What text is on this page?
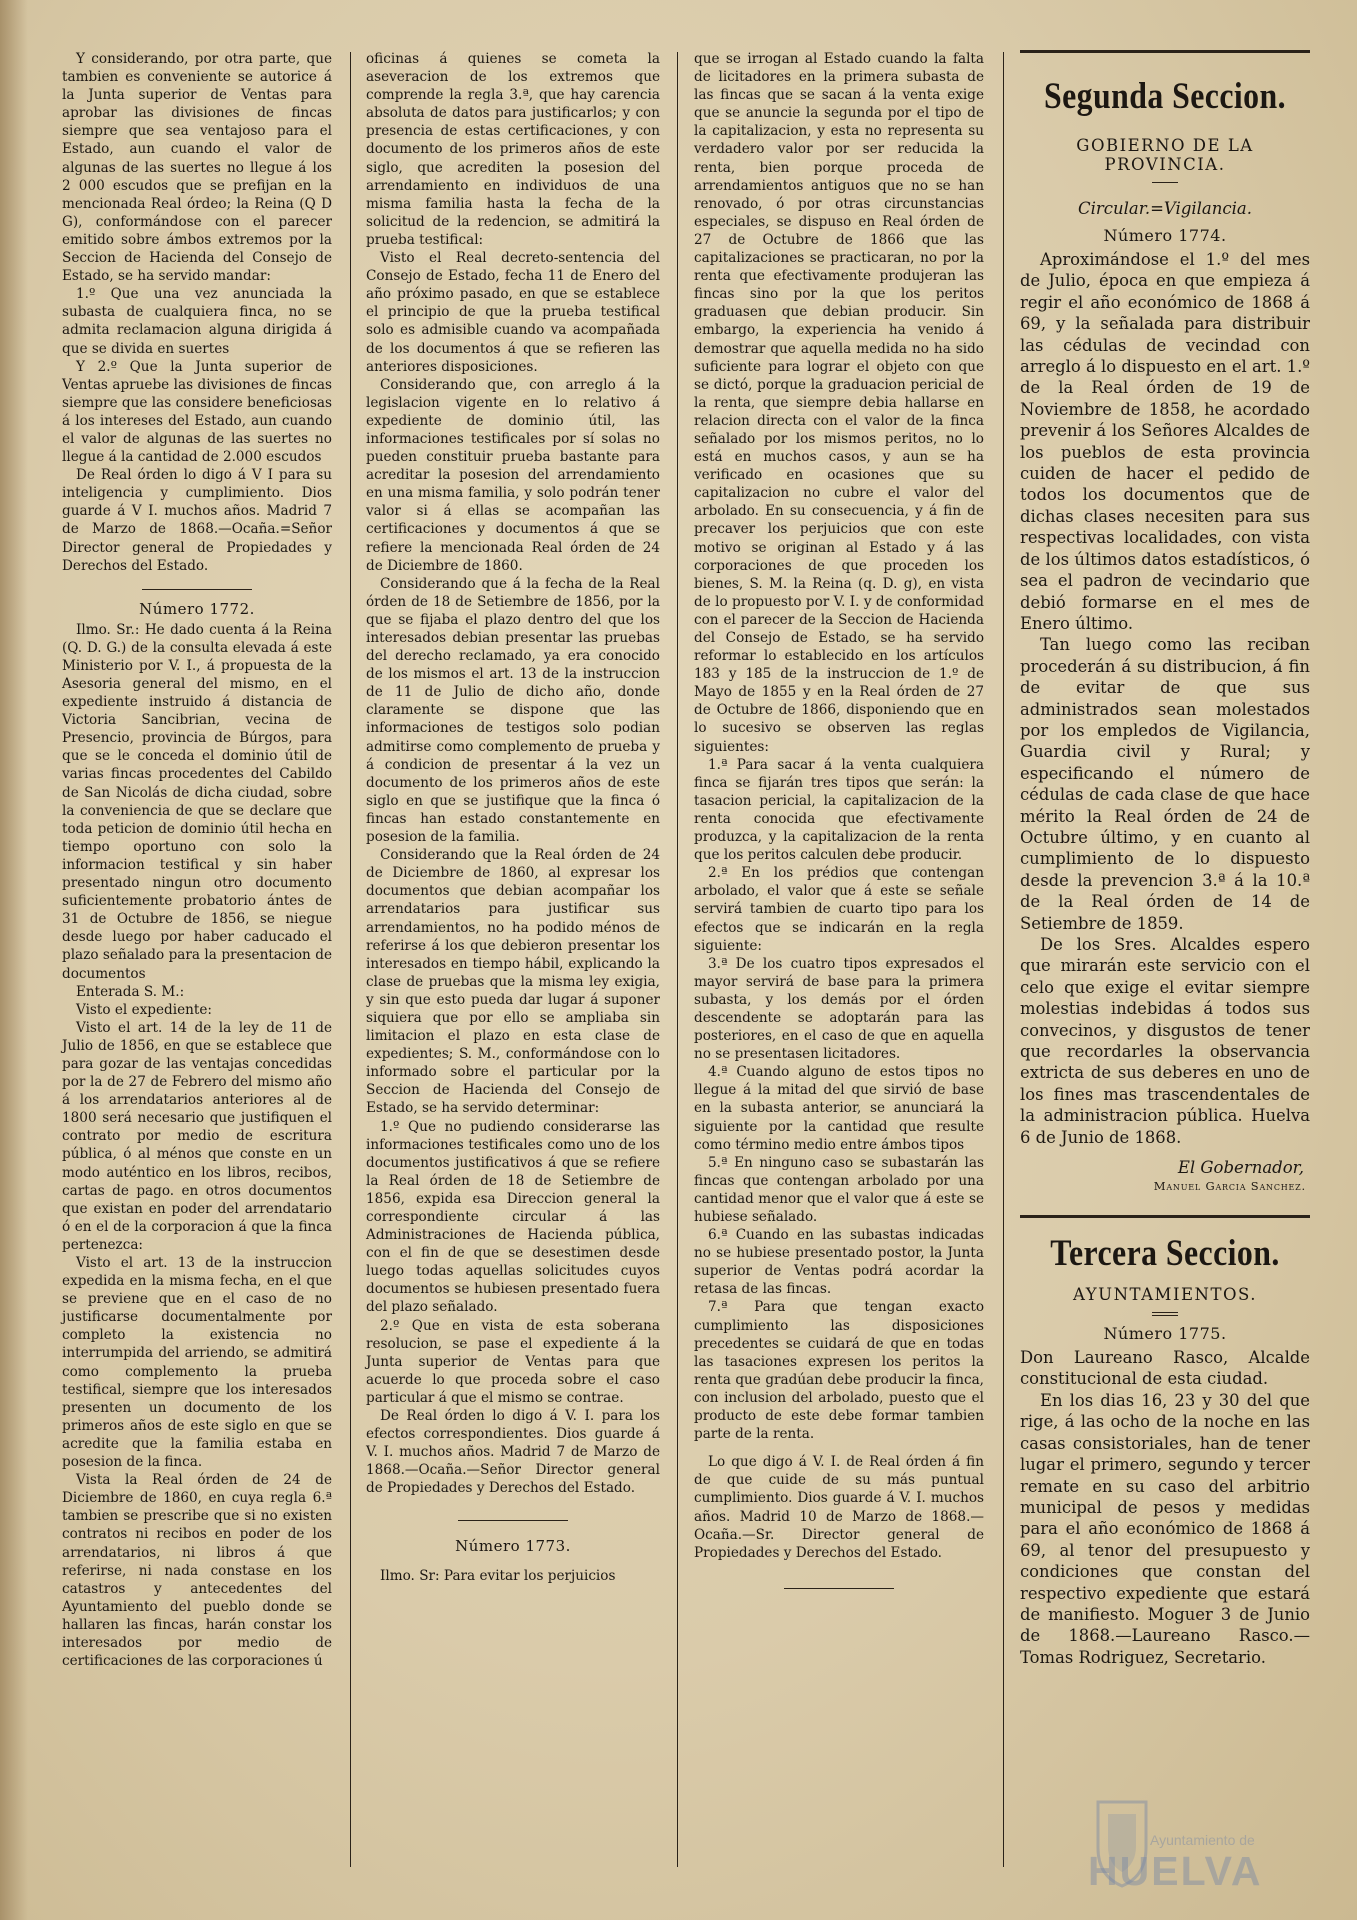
Y considerando, por otra parte, que tambien es conveniente se autorice á la Junta superior de Ventas para aprobar las divisiones de fincas siempre que sea ventajoso para el Estado, aun cuando el valor de algunas de las suertes no llegue á los 2 000 escudos que se prefijan en la mencionada Real órdeo; la Reina (Q D G), conformándose con el parecer emitido sobre ámbos extremos por la Seccion de Hacienda del Consejo de Estado, se ha servido mandar:

1.º Que una vez anunciada la subasta de cualquiera finca, no se admita reclamacion alguna dirigida á que se divida en suertes

Y 2.º Que la Junta superior de Ventas apruebe las divisiones de fincas siempre que las considere beneficiosas á los intereses del Estado, aun cuando el valor de algunas de las suertes no llegue á la cantidad de 2.000 escudos

De Real órden lo digo á V I para su inteligencia y cumplimiento. Dios guarde á V I. muchos años. Madrid 7 de Marzo de 1868.—Ocaña.=Señor Director general de Propiedades y Derechos del Estado.

Número 1772.

Ilmo. Sr.: He dado cuenta á la Reina (Q. D. G.) de la consulta elevada á este Ministerio por V. I., á propuesta de la Asesoria general del mismo, en el expediente instruido á distancia de Victoria Sancibrian, vecina de Presencio, provincia de Búrgos, para que se le conceda el dominio útil de varias fincas procedentes del Cabildo de San Nicolás de dicha ciudad, sobre la conveniencia de que se declare que toda peticion de dominio útil hecha en tiempo oportuno con solo la informacion testifical y sin haber presentado ningun otro documento suficientemente probatorio ántes de 31 de Octubre de 1856, se niegue desde luego por haber caducado el plazo señalado para la presentacion de documentos

Enterada S. M.:

Visto el expediente:

Visto el art. 14 de la ley de 11 de Julio de 1856, en que se establece que para gozar de las ventajas concedidas por la de 27 de Febrero del mismo año á los arrendatarios anteriores al de 1800 será necesario que justifiquen el contrato por medio de escritura pública, ó al ménos que conste en un modo auténtico en los libros, recibos, cartas de pago. en otros documentos que existan en poder del arrendatario ó en el de la corporacion á que la finca pertenezca:

Visto el art. 13 de la instruccion expedida en la misma fecha, en el que se previene que en el caso de no justificarse documentalmente por completo la existencia no interrumpida del arriendo, se admitirá como complemento la prueba testifical, siempre que los interesados presenten un documento de los primeros años de este siglo en que se acredite que la familia estaba en posesion de la finca.

Vista la Real órden de 24 de Diciembre de 1860, en cuya regla 6.ª tambien se prescribe que si no existen contratos ni recibos en poder de los arrendatarios, ni libros á que referirse, ni nada constase en los catastros y antecedentes del Ayuntamiento del pueblo donde se hallaren las fincas, harán constar los interesados por medio de certificaciones de las corporaciones ú

oficinas á quienes se cometa la aseveracion de los extremos que comprende la regla 3.ª, que hay carencia absoluta de datos para justificarlos; y con presencia de estas certificaciones, y con documento de los primeros años de este siglo, que acrediten la posesion del arrendamiento en individuos de una misma familia hasta la fecha de la solicitud de la redencion, se admitirá la prueba testifical:

Visto el Real decreto-sentencia del Consejo de Estado, fecha 11 de Enero del año próximo pasado, en que se establece el principio de que la prueba testifical solo es admisible cuando va acompañada de los documentos á que se refieren las anteriores disposiciones.

Considerando que, con arreglo á la legislacion vigente en lo relativo á expediente de dominio útil, las informaciones testificales por sí solas no pueden constituir prueba bastante para acreditar la posesion del arrendamiento en una misma familia, y solo podrán tener valor si á ellas se acompañan las certificaciones y documentos á que se refiere la mencionada Real órden de 24 de Diciembre de 1860.

Considerando que á la fecha de la Real órden de 18 de Setiembre de 1856, por la que se fijaba el plazo dentro del que los interesados debian presentar las pruebas del derecho reclamado, ya era conocido de los mismos el art. 13 de la instruccion de 11 de Julio de dicho año, donde claramente se dispone que las informaciones de testigos solo podian admitirse como complemento de prueba y á condicion de presentar á la vez un documento de los primeros años de este siglo en que se justifique que la finca ó fincas han estado constantemente en posesion de la familia.

Considerando que la Real órden de 24 de Diciembre de 1860, al expresar los documentos que debian acompañar los arrendatarios para justificar sus arrendamientos, no ha podido ménos de referirse á los que debieron presentar los interesados en tiempo hábil, explicando la clase de pruebas que la misma ley exigia, y sin que esto pueda dar lugar á suponer siquiera que por ello se ampliaba sin limitacion el plazo en esta clase de expedientes; S. M., conformándose con lo informado sobre el particular por la Seccion de Hacienda del Consejo de Estado, se ha servido determinar:

1.º Que no pudiendo considerarse las informaciones testificales como uno de los documentos justificativos á que se refiere la Real órden de 18 de Setiembre de 1856, expida esa Direccion general la correspondiente circular á las Administraciones de Hacienda pública, con el fin de que se desestimen desde luego todas aquellas solicitudes cuyos documentos se hubiesen presentado fuera del plazo señalado.

2.º Que en vista de esta soberana resolucion, se pase el expediente á la Junta superior de Ventas para que acuerde lo que proceda sobre el caso particular á que el mismo se contrae.

De Real órden lo digo á V. I. para los efectos correspondientes. Dios guarde á V. I. muchos años. Madrid 7 de Marzo de 1868.—Ocaña.—Señor Director general de Propiedades y Derechos del Estado.

Número 1773.

Ilmo. Sr: Para evitar los perjuicios

que se irrogan al Estado cuando la falta de licitadores en la primera subasta de las fincas que se sacan á la venta exige que se anuncie la segunda por el tipo de la capitalizacion, y esta no representa su verdadero valor por ser reducida la renta, bien porque proceda de arrendamientos antiguos que no se han renovado, ó por otras circunstancias especiales, se dispuso en Real órden de 27 de Octubre de 1866 que las capitalizaciones se practicaran, no por la renta que efectivamente produjeran las fincas sino por la que los peritos graduasen que debian producir. Sin embargo, la experiencia ha venido á demostrar que aquella medida no ha sido suficiente para lograr el objeto con que se dictó, porque la graduacion pericial de la renta, que siempre debia hallarse en relacion directa con el valor de la finca señalado por los mismos peritos, no lo está en muchos casos, y aun se ha verificado en ocasiones que su capitalizacion no cubre el valor del arbolado. En su consecuencia, y á fin de precaver los perjuicios que con este motivo se originan al Estado y á las corporaciones de que proceden los bienes, S. M. la Reina (q. D. g), en vista de lo propuesto por V. I. y de conformidad con el parecer de la Seccion de Hacienda del Consejo de Estado, se ha servido reformar lo establecido en los artículos 183 y 185 de la instruccion de 1.º de Mayo de 1855 y en la Real órden de 27 de Octubre de 1866, disponiendo que en lo sucesivo se observen las reglas siguientes:

1.ª Para sacar á la venta cualquiera finca se fijarán tres tipos que serán: la tasacion pericial, la capitalizacion de la renta conocida que efectivamente produzca, y la capitalizacion de la renta que los peritos calculen debe producir.

2.ª En los prédios que contengan arbolado, el valor que á este se señale servirá tambien de cuarto tipo para los efectos que se indicarán en la regla siguiente:

3.ª De los cuatro tipos expresados el mayor servirá de base para la primera subasta, y los demás por el órden descendente se adoptarán para las posteriores, en el caso de que en aquella no se presentasen licitadores.

4.ª Cuando alguno de estos tipos no llegue á la mitad del que sirvió de base en la subasta anterior, se anunciará la siguiente por la cantidad que resulte como término medio entre ámbos tipos

5.ª En ninguno caso se subastarán las fincas que contengan arbolado por una cantidad menor que el valor que á este se hubiese señalado.

6.ª Cuando en las subastas indicadas no se hubiese presentado postor, la Junta superior de Ventas podrá acordar la retasa de las fincas.

7.ª Para que tengan exacto cumplimiento las disposiciones precedentes se cuidará de que en todas las tasaciones expresen los peritos la renta que gradúan debe producir la finca, con inclusion del arbolado, puesto que el producto de este debe formar tambien parte de la renta.

Lo que digo á V. I. de Real órden á fin de que cuide de su más puntual cumplimiento. Dios guarde á V. I. muchos años. Madrid 10 de Marzo de 1868.—Ocaña.—Sr. Director general de Propiedades y Derechos del Estado.

Segunda Seccion.
GOBIERNO DE LA PROVINCIA.
Circular.=Vigilancia.
Número 1774.

Aproximándose el 1.º del mes de Julio, época en que empieza á regir el año económico de 1868 á 69, y la señalada para distribuir las cédulas de vecindad con arreglo á lo dispuesto en el art. 1.º de la Real órden de 19 de Noviembre de 1858, he acordado prevenir á los Señores Alcaldes de los pueblos de esta provincia cuiden de hacer el pedido de todos los documentos que de dichas clases necesiten para sus respectivas localidades, con vista de los últimos datos estadísticos, ó sea el padron de vecindario que debió formarse en el mes de Enero último.

Tan luego como las reciban procederán á su distribucion, á fin de evitar de que sus administrados sean molestados por los empledos de Vigilancia, Guardia civil y Rural; y especificando el número de cédulas de cada clase de que hace mérito la Real órden de 24 de Octubre último, y en cuanto al cumplimiento de lo dispuesto desde la prevencion 3.ª á la 10.ª de la Real órden de 14 de Setiembre de 1859.

De los Sres. Alcaldes espero que mirarán este servicio con el celo que exige el evitar siempre molestias indebidas á todos sus convecinos, y disgustos de tener que recordarles la observancia extricta de sus deberes en uno de los fines mas trascendentales de la administracion pública. Huelva 6 de Junio de 1868.

El Gobernador,
Manuel Garcia Sanchez.
Tercera Seccion.
AYUNTAMIENTOS.
Número 1775.

Don Laureano Rasco, Alcalde constitucional de esta ciudad.

En los dias 16, 23 y 30 del que rige, á las ocho de la noche en las casas consistoriales, han de tener lugar el primero, segundo y tercer remate en su caso del arbitrio municipal de pesos y medidas para el año económico de 1868 á 69, al tenor del presupuesto y condiciones que constan del respectivo expediente que estará de manifiesto. Moguer 3 de Junio de 1868.—Laureano Rasco.—Tomas Rodriguez, Secretario.

Ayuntamiento de
HUELVA
